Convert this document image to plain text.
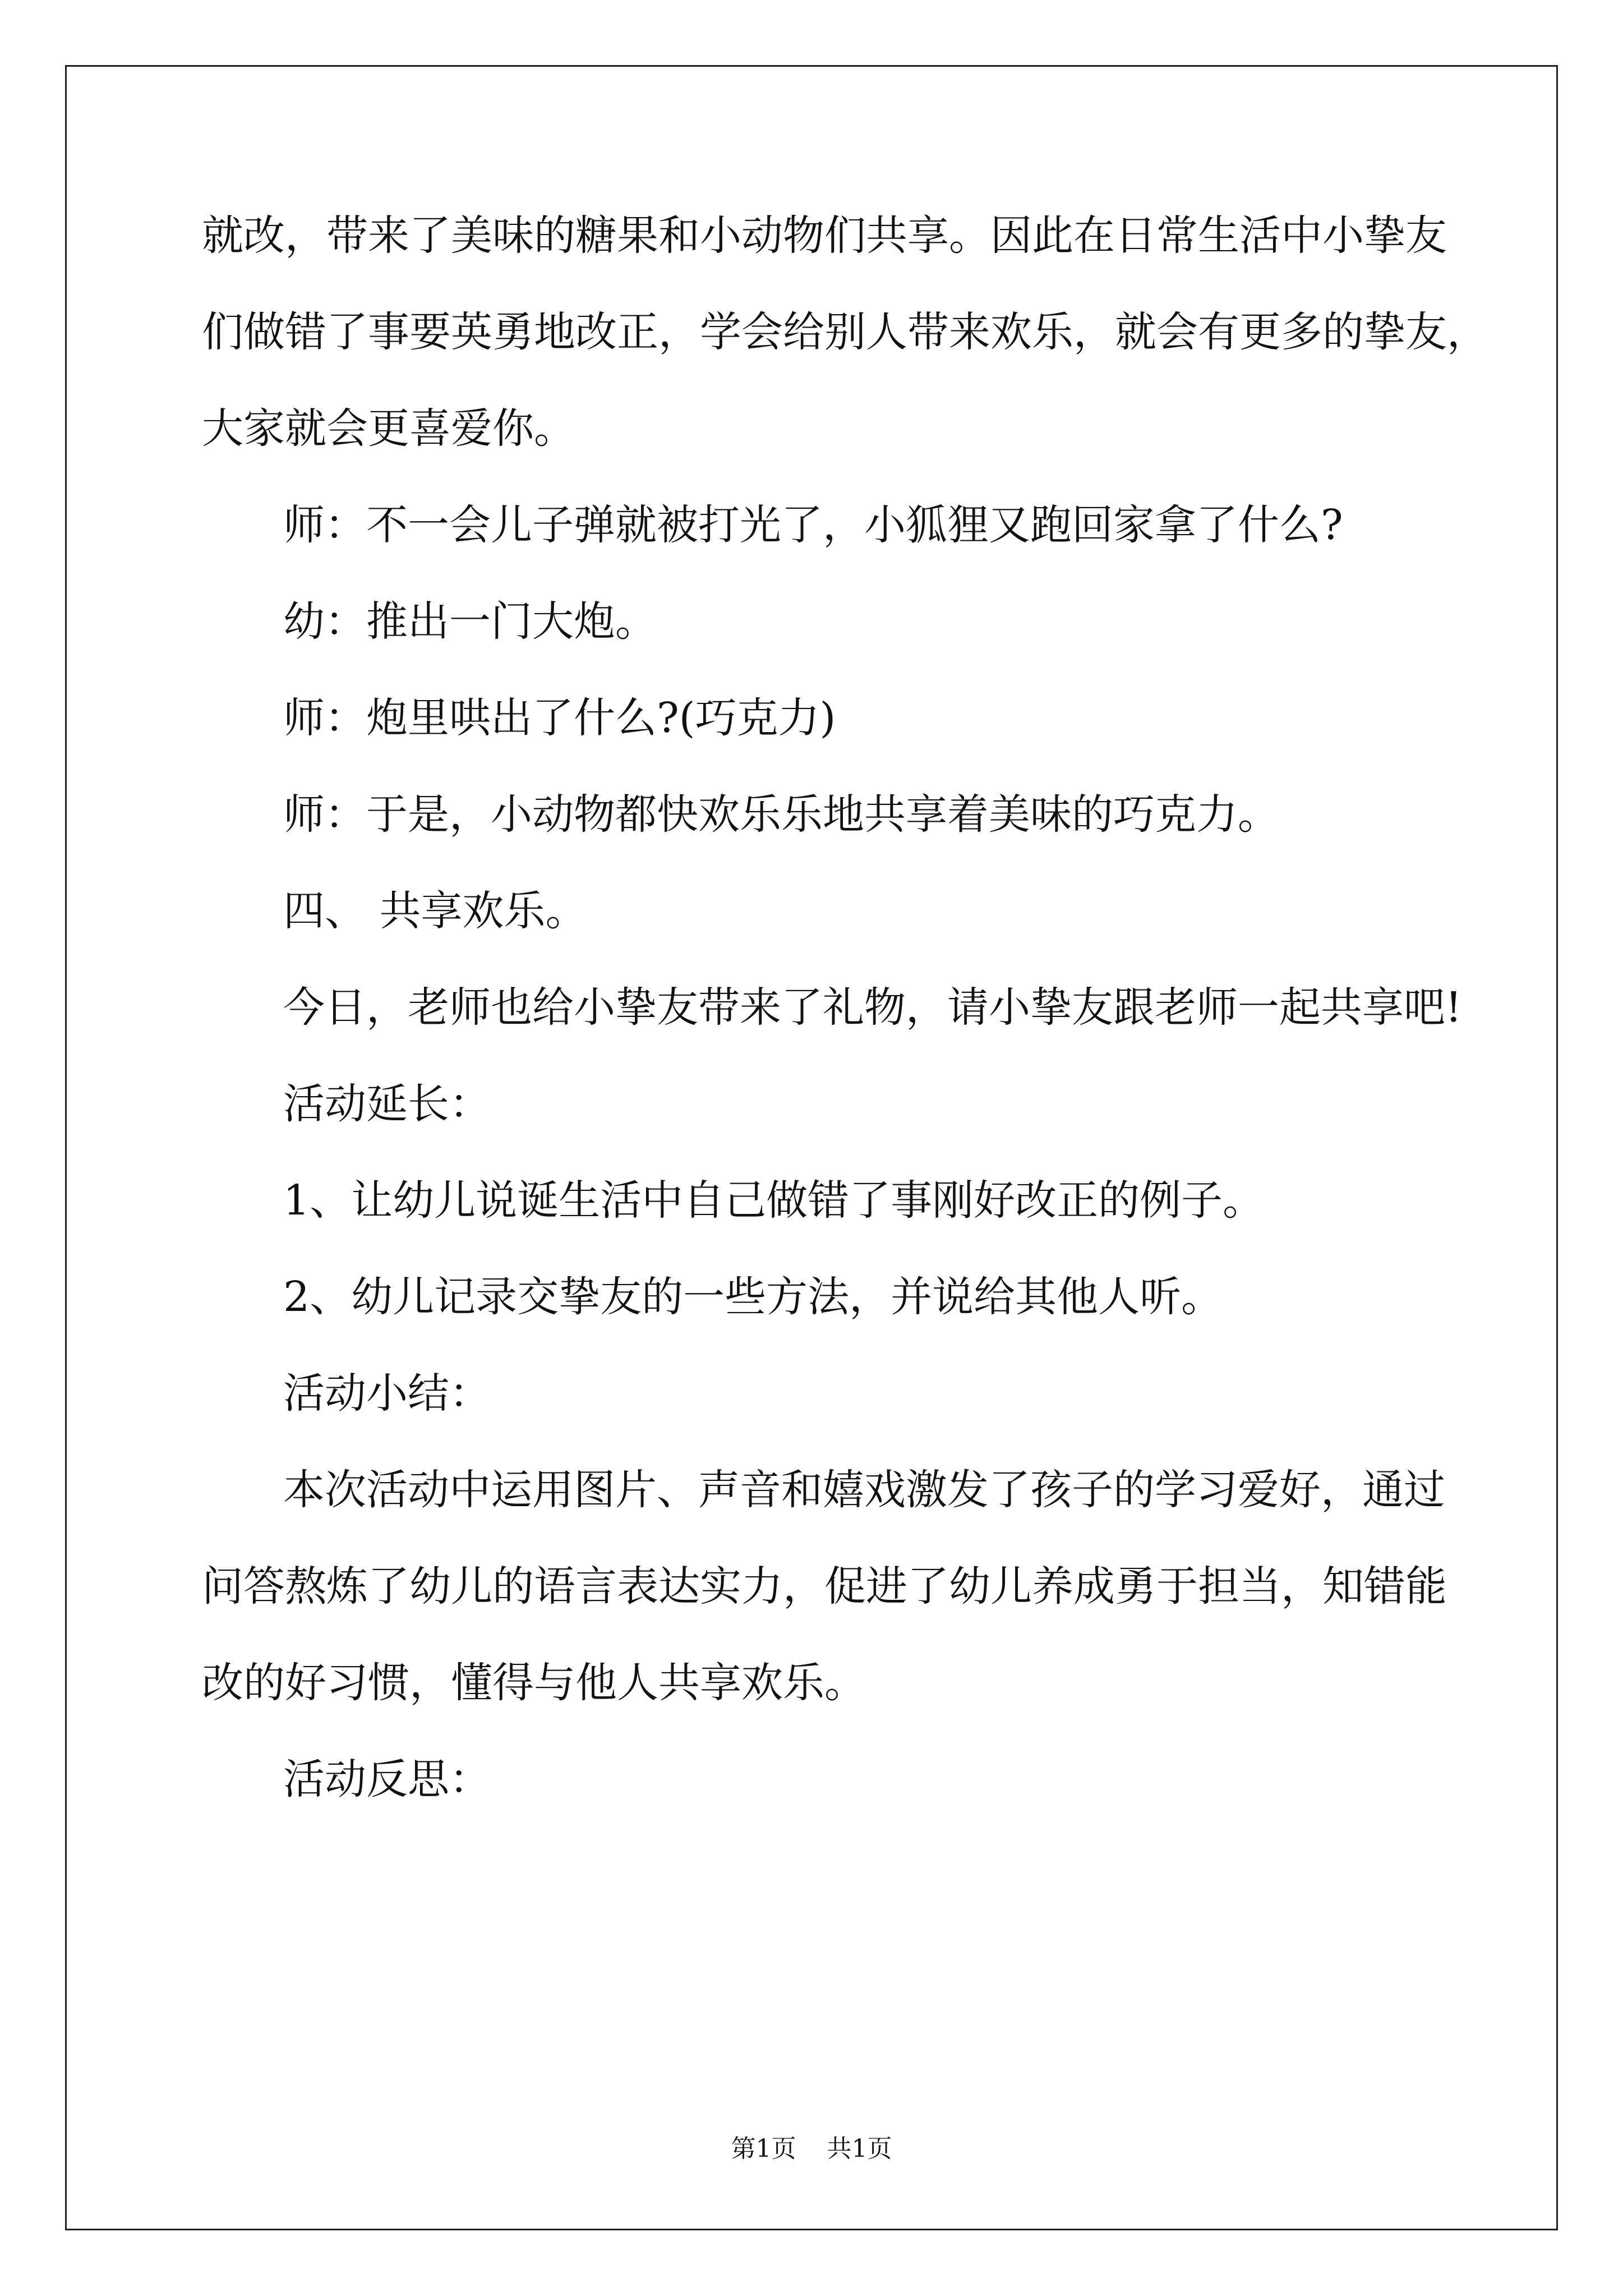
就改，带来了美味的糖果和小动物们共享。因此在日常生活中小挚友
们做错了事要英勇地改正，学会给别人带来欢乐，就会有更多的挚友，
大家就会更喜爱你。
师：不一会儿子弹就被打光了，小狐狸又跑回家拿了什么?
幼：推出一门大炮。
师：炮里哄出了什么?(巧克力)
师：于是，小动物都快欢乐乐地共享着美味的巧克力。
四、 共享欢乐。
今日，老师也给小挚友带来了礼物，请小挚友跟老师一起共享吧!
活动延长：
1、让幼儿说诞生活中自己做错了事刚好改正的例子。
2、幼儿记录交挚友的一些方法，并说给其他人听。
活动小结：
本次活动中运用图片、声音和嬉戏激发了孩子的学习爱好，通过
问答熬炼了幼儿的语言表达实力，促进了幼儿养成勇于担当，知错能
改的好习惯，懂得与他人共享欢乐。
活动反思：
第1页 共1页
